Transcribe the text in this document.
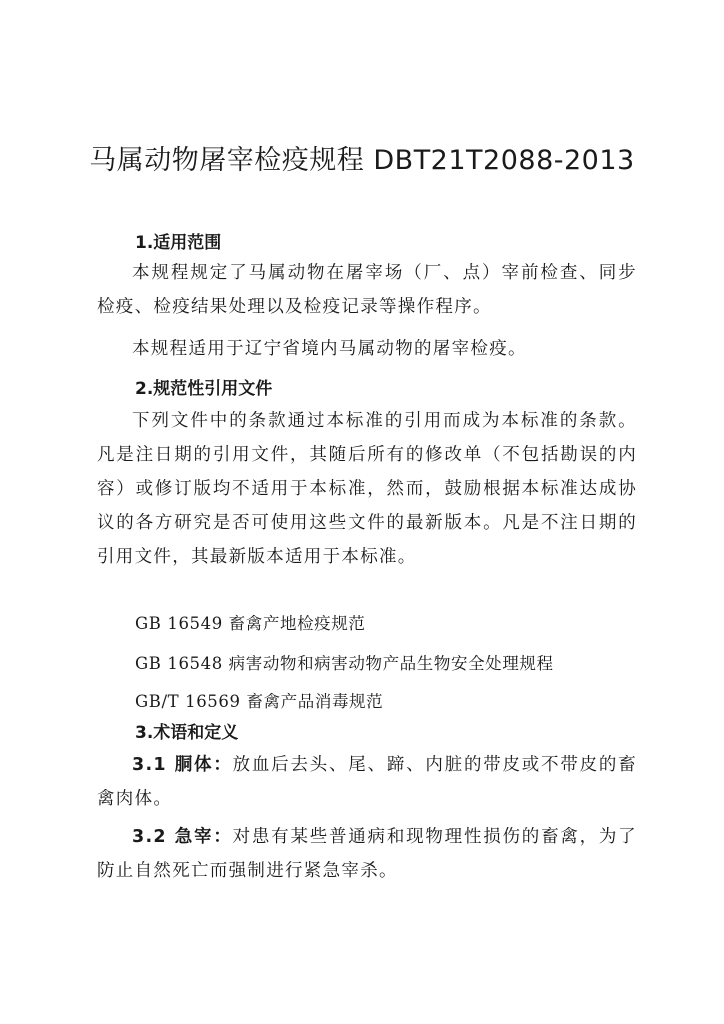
马属动物屠宰检疫规程 DBT21T2088-2013
1.适用范围

本规程规定了马属动物在屠宰场（厂、点）宰前检查、同步检疫、检疫结果处理以及检疫记录等操作程序。

本规程适用于辽宁省境内马属动物的屠宰检疫。

2.规范性引用文件

下列文件中的条款通过本标准的引用而成为本标准的条款。凡是注日期的引用文件，其随后所有的修改单（不包括勘误的内容）或修订版均不适用于本标准，然而，鼓励根据本标准达成协议的各方研究是否可使用这些文件的最新版本。凡是不注日期的引用文件，其最新版本适用于本标准。

GB 16549 畜禽产地检疫规范

GB 16548 病害动物和病害动物产品生物安全处理规程

GB/T 16569 畜禽产品消毒规范

3.术语和定义

3.1 胴体：放血后去头、尾、蹄、内脏的带皮或不带皮的畜禽肉体。

3.2 急宰：对患有某些普通病和现物理性损伤的畜禽，为了防止自然死亡而强制进行紧急宰杀。
